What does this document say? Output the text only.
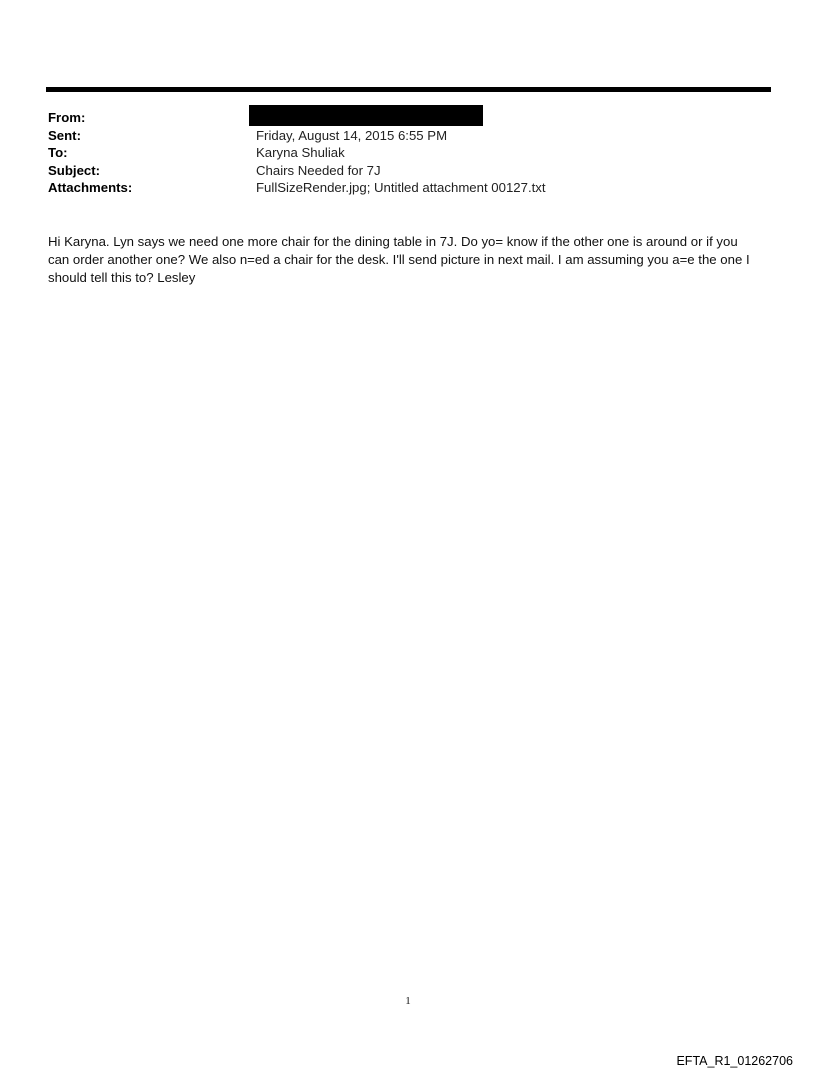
From:
Sent:	Friday, August 14, 2015 6:55 PM
To:	Karyna Shuliak
Subject:	Chairs Needed for 7J
Attachments:	FullSizeRender.jpg; Untitled attachment 00127.txt
Hi Karyna. Lyn says we need one more chair for the dining table in 7J. Do yo= know if the other one is around or if you
can order another one? We also n=ed a chair for the desk. I'll send picture in next mail. I am assuming you a=e the one I
should tell this to? Lesley
1
EFTA_R1_01262706
